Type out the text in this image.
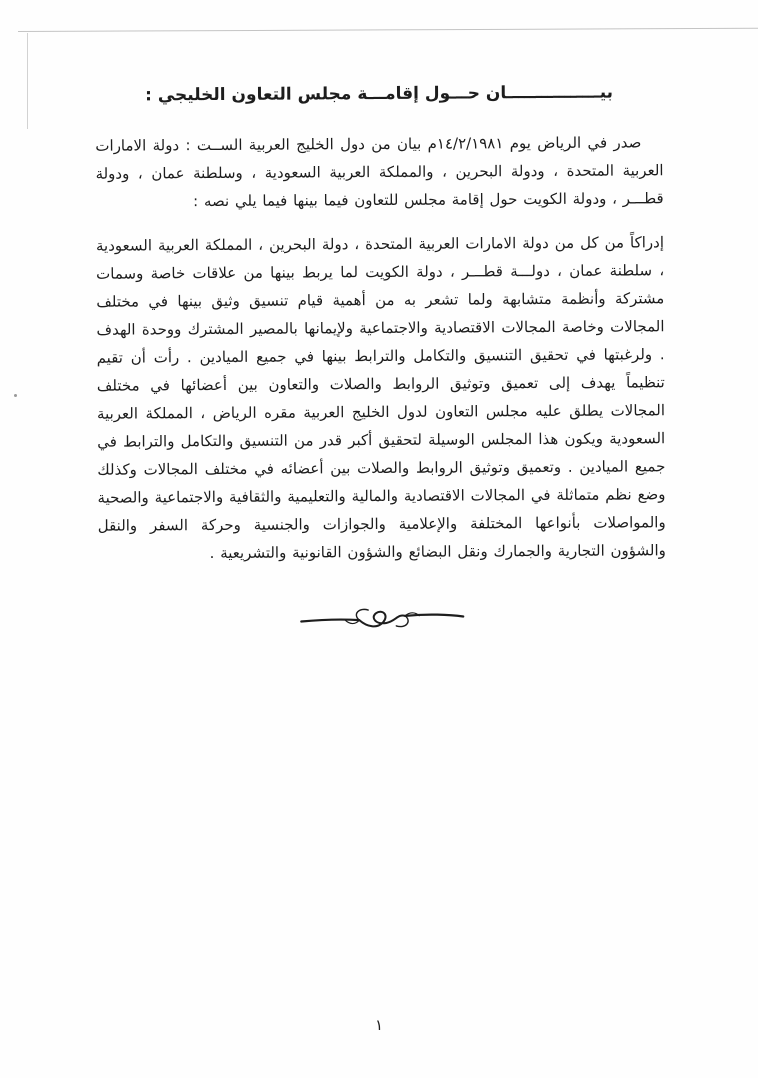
بيــــــــــــــــان حـــول إقامـــة مجلس التعاون الخليجي :

صدر في الرياض يوم ١٤/٢/١٩٨١م بيان من دول الخليج العربية الســت : دولة الامارات العربية المتحدة ، ودولة البحرين ، والمملكة العربية السعودية ، وسلطنة عمان ، ودولة قطـــر ، ودولة الكويت حول إقامة مجلس للتعاون فيما بينها فيما يلي نصه :

إدراكاً من كل من دولة الامارات العربية المتحدة ، دولة البحرين ، المملكة العربية السعودية ، سلطنة عمان ، دولـــة قطـــر ، دولة الكويت لما يربط بينها من علاقات خاصة وسمات مشتركة وأنظمة متشابهة ولما تشعر به من أهمية قيام تنسيق وثيق بينها في مختلف المجالات وخاصة المجالات الاقتصادية والاجتماعية ولإيمانها بالمصير المشترك ووحدة الهدف . ولرغبتها في تحقيق التنسيق والتكامل والترابط بينها في جميع الميادين . رأت أن تقيم تنظيماً يهدف إلى تعميق وتوثيق الروابط والصلات والتعاون بين أعضائها في مختلف المجالات يطلق عليه مجلس التعاون لدول الخليج العربية مقره الرياض ، المملكة العربية السعودية ويكون هذا المجلس الوسيلة لتحقيق أكبر قدر من التنسيق والتكامل والترابط في جميع الميادين . وتعميق وتوثيق الروابط والصلات بين أعضائه في مختلف المجالات وكذلك وضع نظم متماثلة في المجالات الاقتصادية والمالية والتعليمية والثقافية والاجتماعية والصحية والمواصلات بأنواعها المختلفة والإعلامية والجوازات والجنسية وحركة السفر والنقل والشؤون التجارية والجمارك ونقل البضائع والشؤون القانونية والتشريعية .

١
